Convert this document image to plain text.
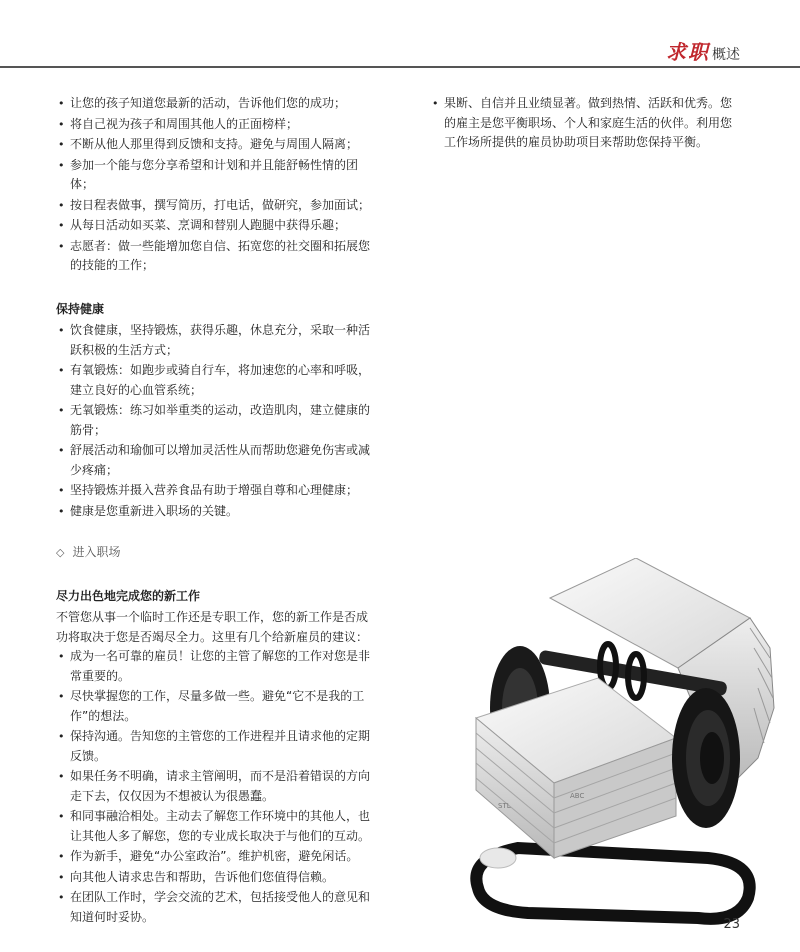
求职 概述
• 让您的孩子知道您最新的活动，告诉他们您的成功；
• 将自己视为孩子和周围其他人的正面榜样；
• 不断从他人那里得到反馈和支持。避免与周围人隔离；
• 参加一个能与您分享希望和计划和并且能舒畅性情的团体；
• 按日程表做事，撰写简历，打电话，做研究，参加面试；
• 从每日活动如买菜、烹调和替别人跑腿中获得乐趣；
• 志愿者：做一些能增加您自信、拓宽您的社交圈和拓展您的技能的工作；
保持健康
• 饮食健康，坚持锻炼，获得乐趣，休息充分，采取一种活跃积极的生活方式；
• 有氧锻炼：如跑步或骑自行车，将加速您的心率和呼吸，建立良好的心血管系统；
• 无氧锻炼：练习如举重类的运动，改造肌肉，建立健康的筋骨；
• 舒展活动和瑜伽可以增加灵活性从而帮助您避免伤害或减少疼痛；
• 坚持锻炼并摄入营养食品有助于增强自尊和心理健康；
• 健康是您重新进入职场的关键。
◇ 进入职场
尽力出色地完成您的新工作

不管您从事一个临时工作还是专职工作，您的新工作是否成功将取决于您是否竭尽全力。这里有几个给新雇员的建议：

• 成为一名可靠的雇员！让您的主管了解您的工作对您是非常重要的。
• 尽快掌握您的工作，尽量多做一些。避免“它不是我的工作”的想法。
• 保持沟通。告知您的主管您的工作进程并且请求他的定期反馈。
• 如果任务不明确，请求主管阐明，而不是沿着错误的方向走下去，仅仅因为不想被认为很愚蠢。
• 和同事融洽相处。主动去了解您工作环境中的其他人，也让其他人多了解您，您的专业成长取决于与他们的互动。
• 作为新手，避免“办公室政治”。维护机密，避免闲话。
• 向其他人请求忠告和帮助，告诉他们您值得信赖。
• 在团队工作时，学会交流的艺术，包括接受他人的意见和知道何时妥协。
• 果断、自信并且业绩显著。做到热情、活跃和优秀。您的雇主是您平衡职场、个人和家庭生活的伙伴。利用您工作场所提供的雇员协助项目来帮助您保持平衡。
ABC
STL
23
